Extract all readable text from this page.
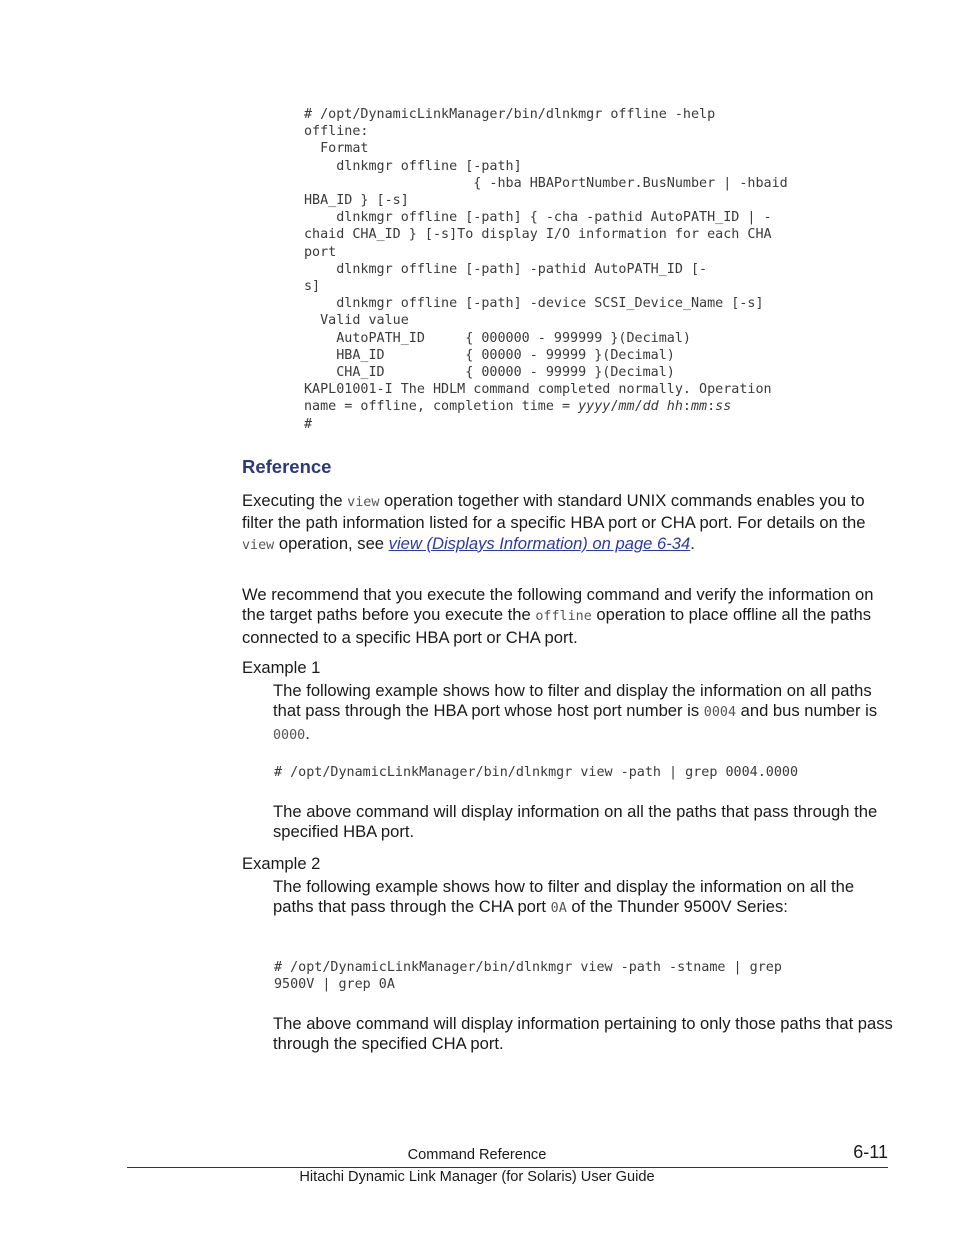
# /opt/DynamicLinkManager/bin/dlnkmgr offline -help
offline:
Format
dlnkmgr offline [-path]
{ -hba HBAPortNumber.BusNumber | -hbaid
HBA_ID } [-s]
dlnkmgr offline [-path] { -cha -pathid AutoPATH_ID | -
chaid CHA_ID } [-s]To display I/O information for each CHA
port
dlnkmgr offline [-path] -pathid AutoPATH_ID [-
s]
dlnkmgr offline [-path] -device SCSI_Device_Name [-s]
Valid value
AutoPATH_ID     { 000000 - 999999 }(Decimal)
HBA_ID          { 00000 - 99999 }(Decimal)
CHA_ID          { 00000 - 99999 }(Decimal)
KAPL01001-I The HDLM command completed normally. Operation
name = offline, completion time = yyyy/mm/dd hh:mm:ss
#
Reference

Executing the view operation together with standard UNIX commands enables you to filter the path information listed for a specific HBA port or CHA port. For details on the view operation, see view (Displays Information) on page 6-34.

We recommend that you execute the following command and verify the information on the target paths before you execute the offline operation to place offline all the paths connected to a specific HBA port or CHA port.

Example 1

The following example shows how to filter and display the information on all paths that pass through the HBA port whose host port number is 0004 and bus number is 0000.

# /opt/DynamicLinkManager/bin/dlnkmgr view -path | grep 0004.0000

The above command will display information on all the paths that pass through the specified HBA port.

Example 2

The following example shows how to filter and display the information on all the paths that pass through the CHA port 0A of the Thunder 9500V Series:

# /opt/DynamicLinkManager/bin/dlnkmgr view -path -stname | grep
9500V | grep 0A

The above command will display information pertaining to only those paths that pass through the specified CHA port.

Command Reference	6-11

Hitachi Dynamic Link Manager (for Solaris) User Guide
